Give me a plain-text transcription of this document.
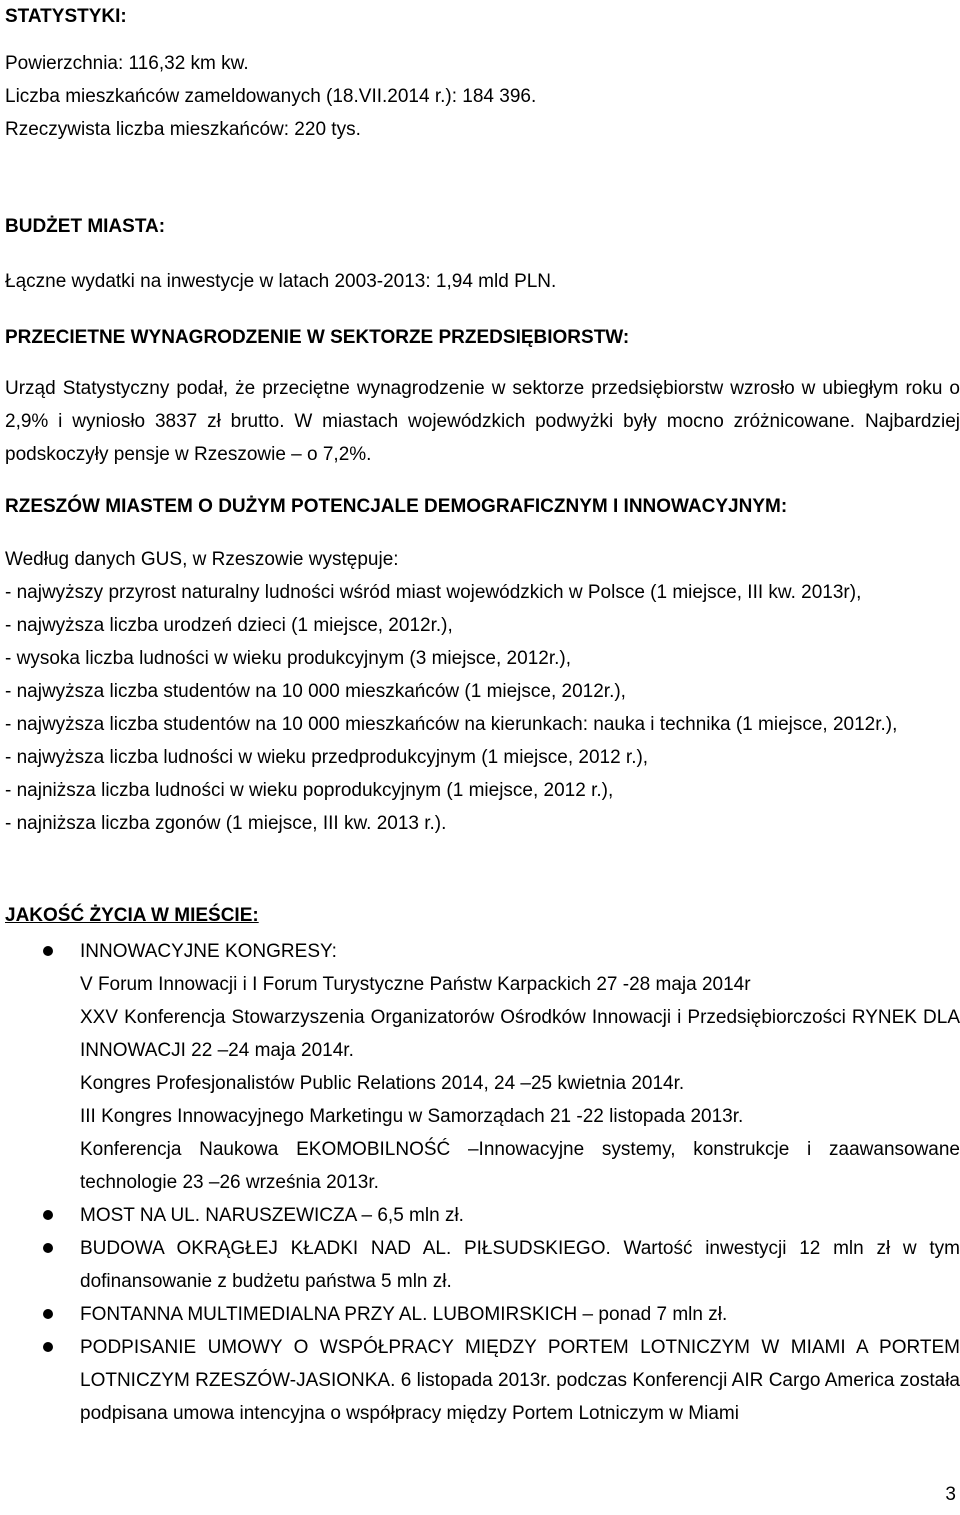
STATYSTYKI:

Powierzchnia: 116,32 km kw.

Liczba mieszkańców zameldowanych (18.VII.2014 r.): 184 396.

Rzeczywista liczba mieszkańców: 220 tys.

BUDŻET MIASTA:

Łączne wydatki na inwestycje w latach 2003-2013: 1,94 mld PLN.

PRZECIETNE WYNAGRODZENIE W SEKTORZE PRZEDSIĘBIORSTW:

Urząd Statystyczny podał, że przeciętne wynagrodzenie w sektorze przedsiębiorstw wzrosło w ubiegłym roku o 2,9% i wyniosło 3837 zł brutto. W miastach wojewódzkich podwyżki były mocno zróżnicowane. Najbardziej podskoczyły pensje w Rzeszowie – o 7,2%.

RZESZÓW MIASTEM O DUŻYM POTENCJALE DEMOGRAFICZNYM I INNOWACYJNYM:

Według danych GUS, w Rzeszowie występuje:

- najwyższy przyrost naturalny ludności wśród miast wojewódzkich w Polsce (1 miejsce, III kw. 2013r),

- najwyższa liczba urodzeń dzieci (1 miejsce, 2012r.),

- wysoka liczba ludności w wieku produkcyjnym (3 miejsce, 2012r.),

- najwyższa liczba studentów na 10 000 mieszkańców (1 miejsce, 2012r.),

- najwyższa liczba studentów na 10 000 mieszkańców na kierunkach: nauka i technika (1 miejsce, 2012r.),

- najwyższa liczba ludności w wieku przedprodukcyjnym (1 miejsce, 2012 r.),

- najniższa liczba ludności w wieku poprodukcyjnym (1 miejsce, 2012 r.),

- najniższa liczba zgonów (1 miejsce, III kw. 2013 r.).

JAKOŚĆ ŻYCIA W MIEŚCIE:

INNOWACYJNE KONGRESY:
V Forum Innowacji i I Forum Turystyczne Państw Karpackich 27 -28 maja 2014r
XXV Konferencja Stowarzyszenia Organizatorów Ośrodków Innowacji i Przedsiębiorczości RYNEK DLA INNOWACJI 22 –24 maja 2014r.
Kongres Profesjonalistów Public Relations 2014, 24 –25 kwietnia 2014r.
III Kongres Innowacyjnego Marketingu w Samorządach 21 -22 listopada 2013r.
Konferencja Naukowa EKOMOBILNOŚĆ –Innowacyjne systemy, konstrukcje i zaawansowane technologie 23 –26 września 2013r.
MOST NA UL. NARUSZEWICZA – 6,5 mln zł.
BUDOWA OKRĄGŁEJ KŁADKI NAD AL. PIŁSUDSKIEGO. Wartość inwestycji 12 mln zł w tym dofinansowanie z budżetu państwa 5 mln zł.
FONTANNA MULTIMEDIALNA PRZY AL. LUBOMIRSKICH – ponad 7 mln zł.
PODPISANIE UMOWY O WSPÓŁPRACY MIĘDZY PORTEM LOTNICZYM W MIAMI A PORTEM LOTNICZYM RZESZÓW-JASIONKA. 6 listopada 2013r. podczas Konferencji AIR Cargo America została podpisana umowa intencyjna o współpracy między Portem Lotniczym w Miami
3
